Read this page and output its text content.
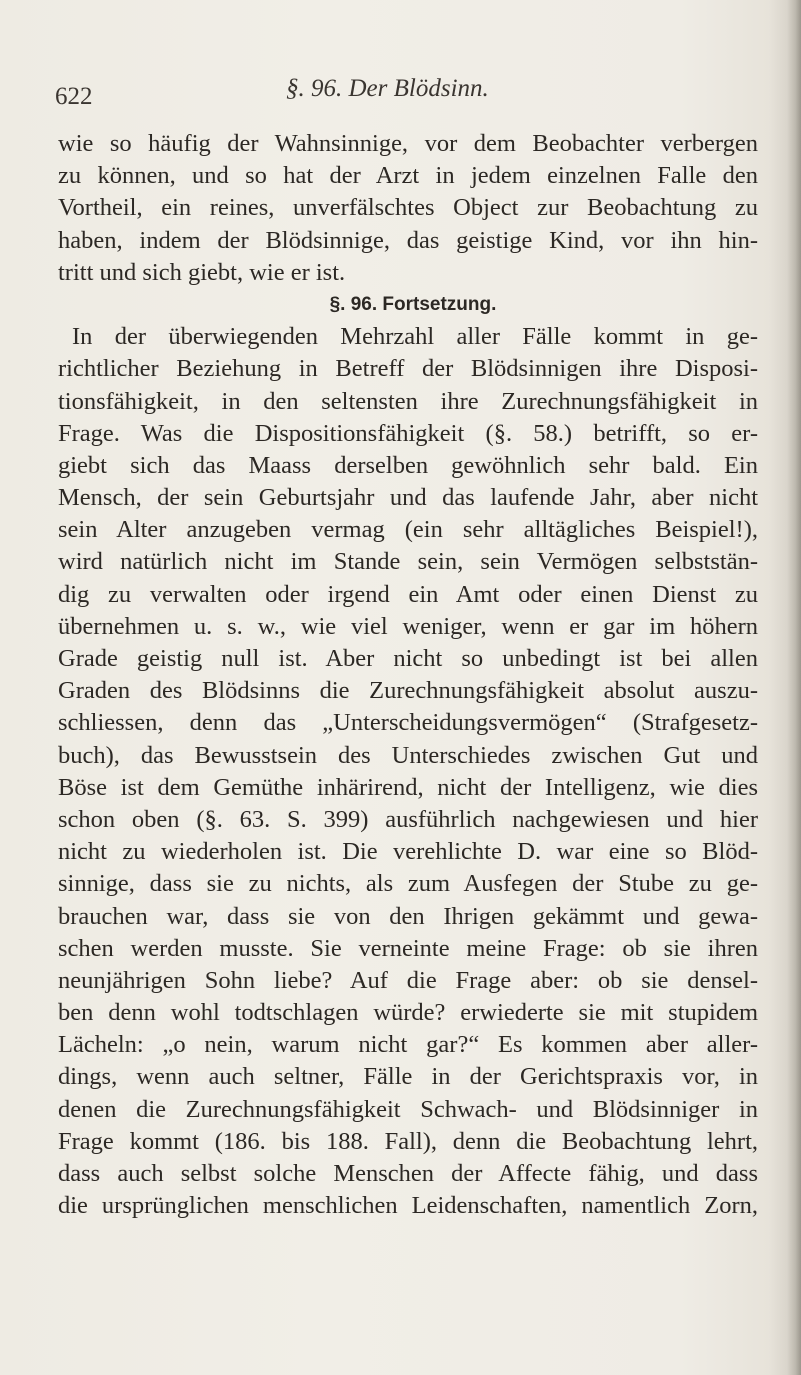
622	§. 96. Der Blödsinn.
wie so häufig der Wahnsinnige, vor dem Beobachter verbergen
zu können, und so hat der Arzt in jedem einzelnen Falle den
Vortheil, ein reines, unverfälschtes Object zur Beobachtung zu
haben, indem der Blödsinnige, das geistige Kind, vor ihn hin-
tritt und sich giebt, wie er ist.
§. 96. Fortsetzung.
In der überwiegenden Mehrzahl aller Fälle kommt in ge-
richtlicher Beziehung in Betreff der Blödsinnigen ihre Disposi-
tionsfähigkeit, in den seltensten ihre Zurechnungsfähigkeit in
Frage. Was die Dispositionsfähigkeit (§. 58.) betrifft, so er-
giebt sich das Maass derselben gewöhnlich sehr bald. Ein
Mensch, der sein Geburtsjahr und das laufende Jahr, aber nicht
sein Alter anzugeben vermag (ein sehr alltägliches Beispiel!),
wird natürlich nicht im Stande sein, sein Vermögen selbststän-
dig zu verwalten oder irgend ein Amt oder einen Dienst zu
übernehmen u. s. w., wie viel weniger, wenn er gar im höhern
Grade geistig null ist. Aber nicht so unbedingt ist bei allen
Graden des Blödsinns die Zurechnungsfähigkeit absolut auszu-
schliessen, denn das „Unterscheidungsvermögen“ (Strafgesetz-
buch), das Bewusstsein des Unterschiedes zwischen Gut und
Böse ist dem Gemüthe inhärirend, nicht der Intelligenz, wie dies
schon oben (§. 63. S. 399) ausführlich nachgewiesen und hier
nicht zu wiederholen ist. Die verehlichte D. war eine so Blöd-
sinnige, dass sie zu nichts, als zum Ausfegen der Stube zu ge-
brauchen war, dass sie von den Ihrigen gekämmt und gewa-
schen werden musste. Sie verneinte meine Frage: ob sie ihren
neunjährigen Sohn liebe? Auf die Frage aber: ob sie densel-
ben denn wohl todtschlagen würde? erwiederte sie mit stupidem
Lächeln: „o nein, warum nicht gar?“ Es kommen aber aller-
dings, wenn auch seltner, Fälle in der Gerichtspraxis vor, in
denen die Zurechnungsfähigkeit Schwach- und Blödsinniger in
Frage kommt (186. bis 188. Fall), denn die Beobachtung lehrt,
dass auch selbst solche Menschen der Affecte fähig, und dass
die ursprünglichen menschlichen Leidenschaften, namentlich Zorn,
